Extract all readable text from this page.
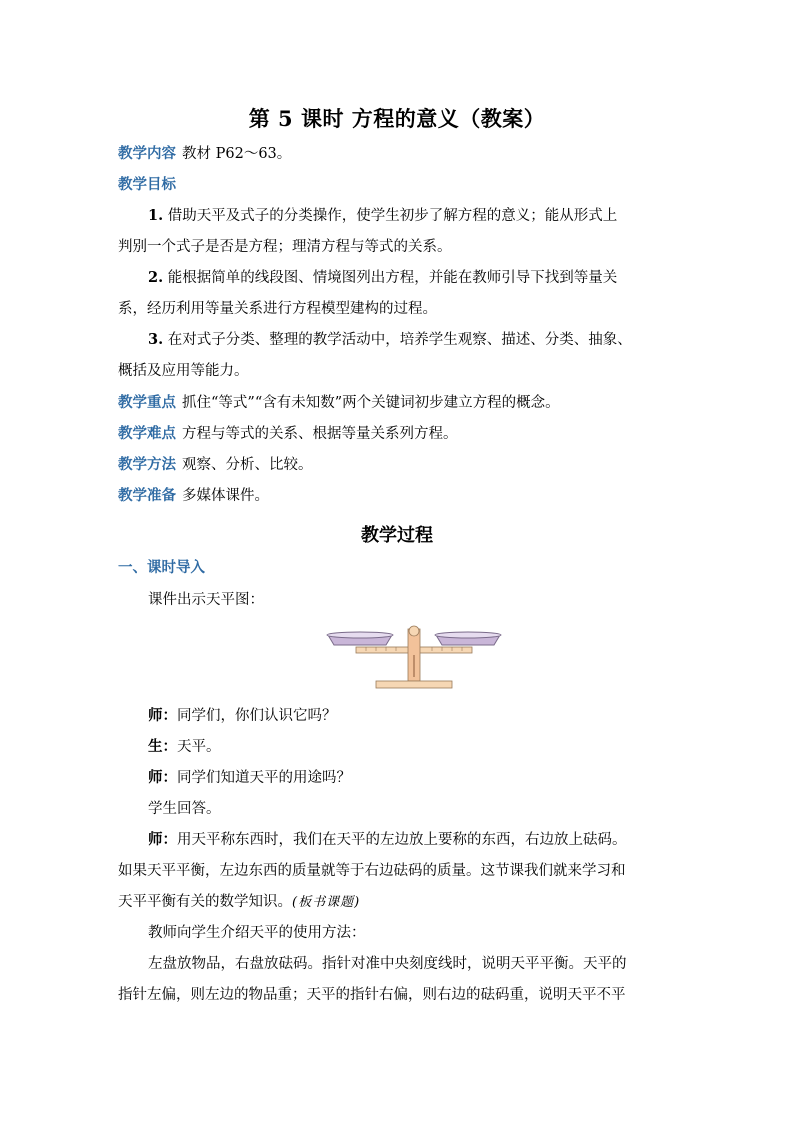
第 5 课时 方程的意义（教案）
教学内容 教材 P62～63。
教学目标
1. 借助天平及式子的分类操作，使学生初步了解方程的意义；能从形式上
判别一个式子是否是方程；理清方程与等式的关系。
2. 能根据简单的线段图、情境图列出方程，并能在教师引导下找到等量关
系，经历利用等量关系进行方程模型建构的过程。
3. 在对式子分类、整理的教学活动中，培养学生观察、描述、分类、抽象、
概括及应用等能力。
教学重点 抓住“等式”“含有未知数”两个关键词初步建立方程的概念。
教学难点 方程与等式的关系、根据等量关系列方程。
教学方法 观察、分析、比较。
教学准备 多媒体课件。
教学过程
一、课时导入
课件出示天平图：
师：同学们，你们认识它吗？
生：天平。
师：同学们知道天平的用途吗？
学生回答。
师：用天平称东西时，我们在天平的左边放上要称的东西，右边放上砝码。
如果天平平衡，左边东西的质量就等于右边砝码的质量。这节课我们就来学习和
天平平衡有关的数学知识。(板书课题)
教师向学生介绍天平的使用方法：
左盘放物品，右盘放砝码。指针对准中央刻度线时，说明天平平衡。天平的
指针左偏，则左边的物品重；天平的指针右偏，则右边的砝码重，说明天平不平
